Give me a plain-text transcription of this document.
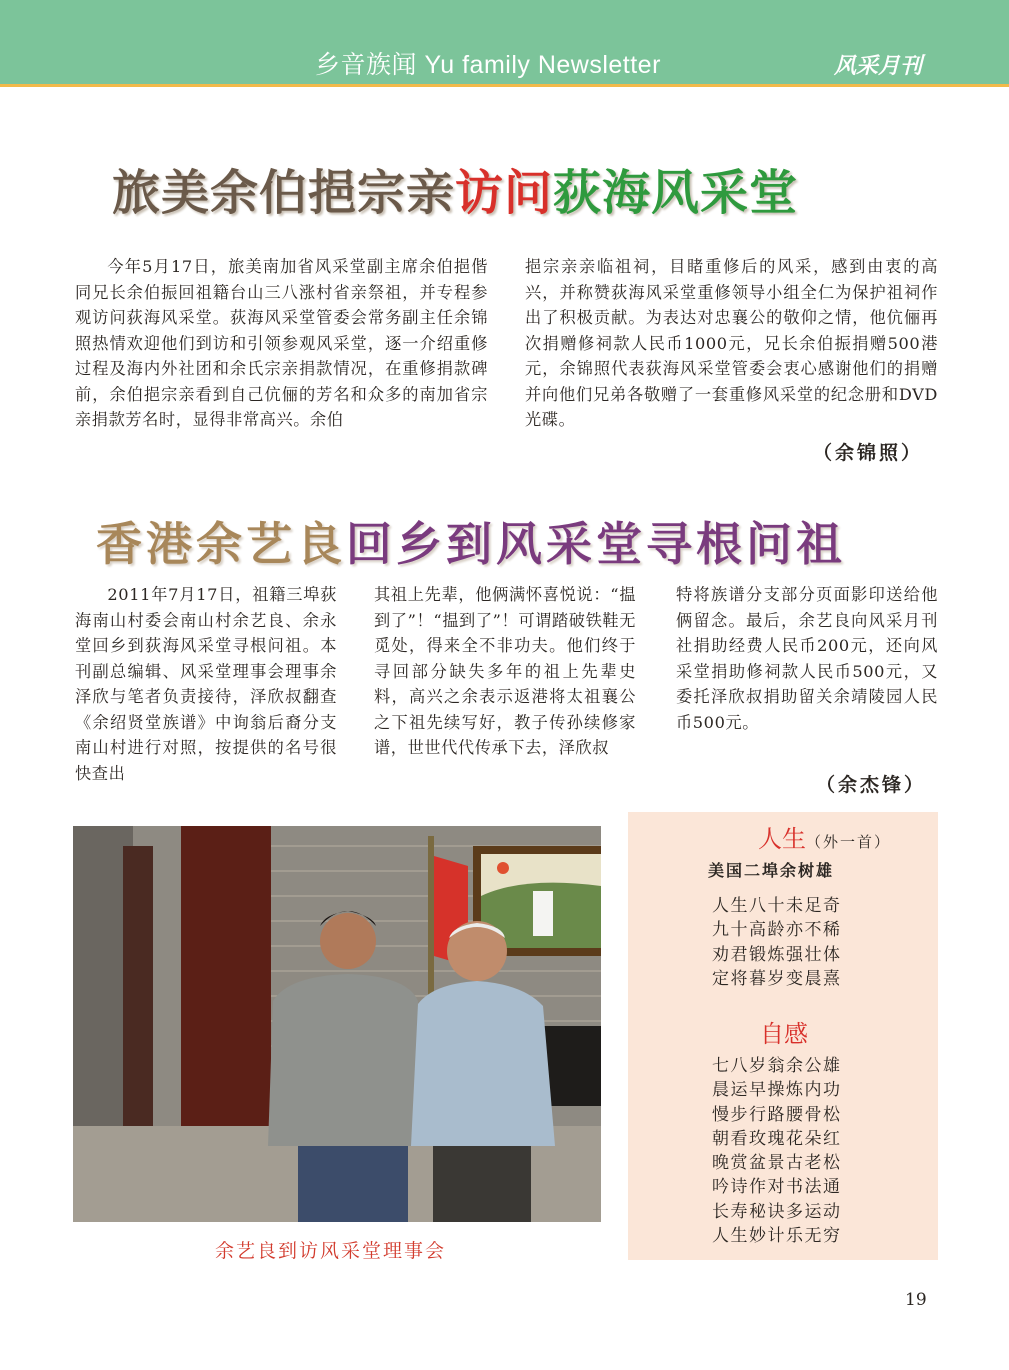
乡音族闻 Yu family Newsletter	风采月刊
旅美余伯挹宗亲访问荻海风采堂

今年5月17日，旅美南加省风采堂副主席余伯挹偕同兄长余伯振回祖籍台山三八涨村省亲祭祖，并专程参观访问荻海风采堂。荻海风采堂管委会常务副主任余锦照热情欢迎他们到访和引领参观风采堂，逐一介绍重修过程及海内外社团和余氏宗亲捐款情况，在重修捐款碑前，余伯挹宗亲看到自己伉俪的芳名和众多的南加省宗亲捐款芳名时，显得非常高兴。余伯

挹宗亲亲临祖祠，目睹重修后的风采，感到由衷的高兴，并称赞荻海风采堂重修领导小组全仁为保护祖祠作出了积极贡献。为表达对忠襄公的敬仰之情，他伉俪再次捐赠修祠款人民币1000元，兄长余伯振捐赠500港元，余锦照代表荻海风采堂管委会衷心感谢他们的捐赠并向他们兄弟各敬赠了一套重修风采堂的纪念册和DVD光碟。

（余锦照）
香港余艺良回乡到风采堂寻根问祖

2011年7月17日，祖籍三埠荻海南山村委会南山村余艺良、余永堂回乡到荻海风采堂寻根问祖。本刊副总编辑、风采堂理事会理事余泽欣与笔者负责接待，泽欣叔翻查《余绍贤堂族谱》中询翁后裔分支南山村进行对照，按提供的名号很快查出

其祖上先辈，他俩满怀喜悦说：“揾到了”！“揾到了”！可谓踏破铁鞋无觅处，得来全不非功夫。他们终于寻回部分缺失多年的祖上先辈史料，高兴之余表示返港将太祖襄公之下祖先续写好，教子传孙续修家谱，世世代代传承下去，泽欣叔

特将族谱分支部分页面影印送给他俩留念。最后，余艺良向风采月刊社捐助经费人民币200元，还向风采堂捐助修祠款人民币500元，又委托泽欣叔捐助留关余靖陵园人民币500元。

（余杰锋）
余艺良到访风采堂理事会
人生（外一首）
美国二埠余树雄
人生八十未足奇
九十高龄亦不稀
劝君锻炼强壮体
定将暮岁变晨熹
自感
七八岁翁余公雄
晨运早操炼内功
慢步行路腰骨松
朝看玫瑰花朵红
晚赏盆景古老松
吟诗作对书法通
长寿秘诀多运动
人生妙计乐无穷
19
